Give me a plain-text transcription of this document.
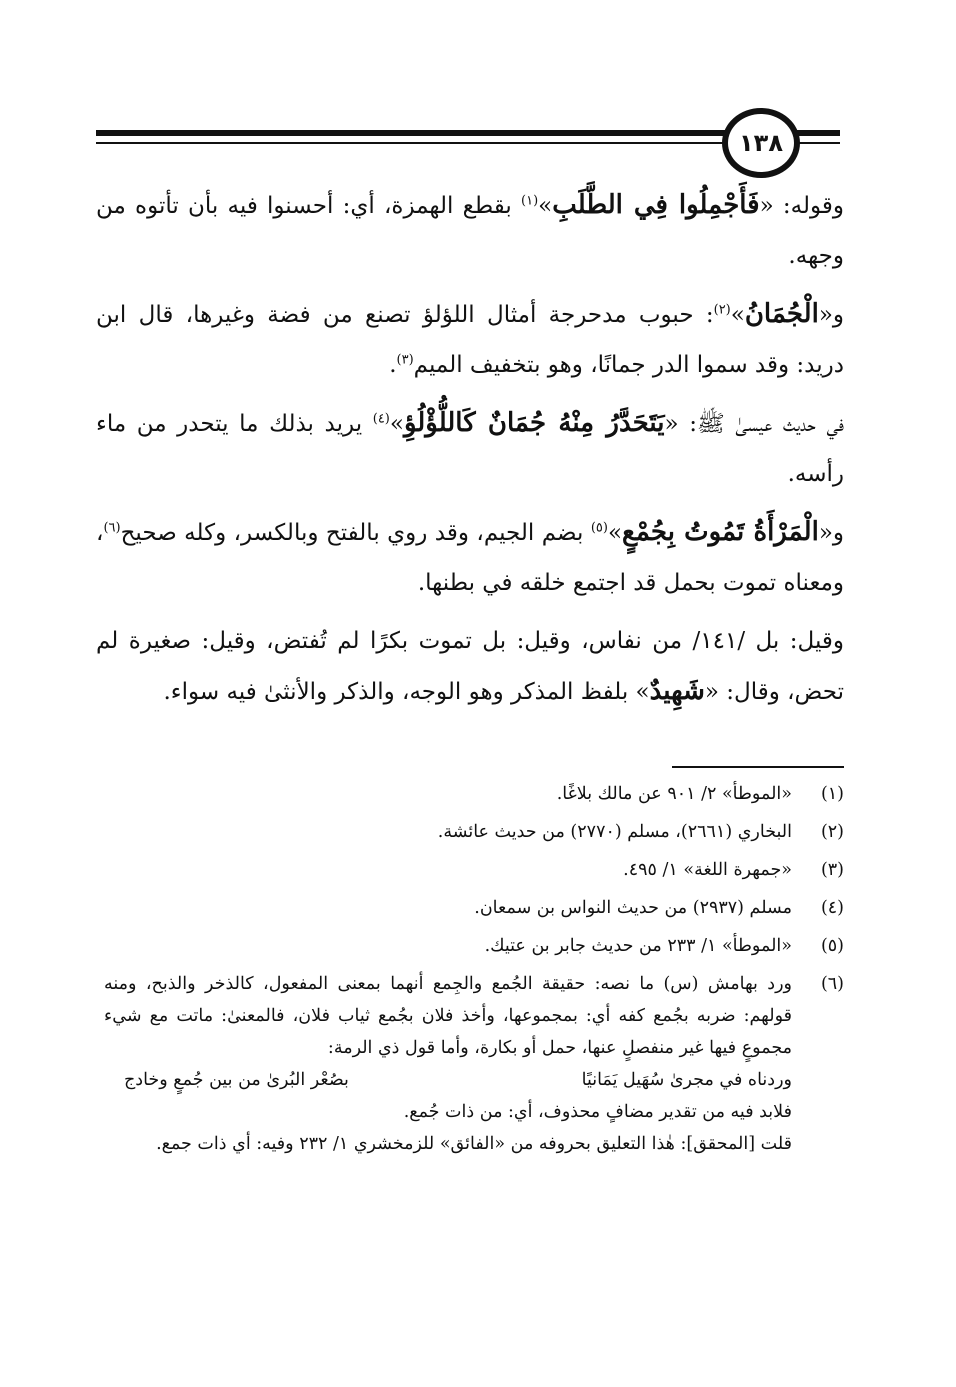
١٣٨

وقوله: «فَأَجْمِلُوا فِي الطَّلَبِ»$^{(١)}$ بقطع الهمزة، أي: أحسنوا فيه بأن تأتوه من وجهه.

و«الْجُمَانُ»$^{(٢)}$: حبوب مدحرجة أمثال اللؤلؤ تصنع من فضة وغيرها، قال ابن دريد: وقد سموا الدر جمانًا، وهو بتخفيف الميم$^{(٣)}$.

في حديث عيسىٰ ﷺ: «يَتَحَدَّرُ مِنْهُ جُمَانٌ كَاللُّؤْلُؤِ»$^{(٤)}$ يريد بذلك ما يتحدر من ماء رأسه.

و«الْمَرْأَةُ تَمُوتُ بِجُمْعٍ»$^{(٥)}$ بضم الجيم، وقد روي بالفتح وبالكسر، وكله صحيح$^{(٦)}$، ومعناه تموت بحمل قد اجتمع خلقه في بطنها.

وقيل: بل /١٤١/ من نفاس، وقيل: بل تموت بكرًا لم تُفتض، وقيل: صغيرة لم تحض، وقال: «شَهِيدٌ» بلفظ المذكر وهو الوجه، والذكر والأنثىٰ فيه سواء.

(١)
«الموطأ» ٢/ ٩٠١ عن مالك بلاغًا.
(٢)
البخاري (٢٦٦١)، مسلم (٢٧٧٠) من حديث عائشة.
(٣)
«جمهرة اللغة» ١/ ٤٩٥.
(٤)
مسلم (٢٩٣٧) من حديث النواس بن سمعان.
(٥)
«الموطأ» ١/ ٢٣٣ من حديث جابر بن عتيك.
(٦)
ورد بهامش (س) ما نصه: حقيقة الجُمع والجِمع أنهما بمعنى المفعول، كالذخر والذبح، ومنه قولهم: ضربه بجُمع كفه أي: بمجموعها، وأخذ فلان بجُمع ثياب فلان، فالمعنىٰ: ماتت مع شيء مجموعٍ فيها غير منفصلٍ عنها، حمل أو بكارة، وأما قول ذي الرمة:
وردناه في مجرىٰ سُهَيل يَمَانيًا
بصُعْر البُرىٰ من بين جُمعٍ وخادج
فلابد فيه من تقدير مضافٍ محذوف، أي: من ذات جُمع.
قلت [المحقق]: هٰذا التعليق بحروفه من «الفائق» للزمخشري ١/ ٢٣٢ وفيه: أي ذات جمع.
